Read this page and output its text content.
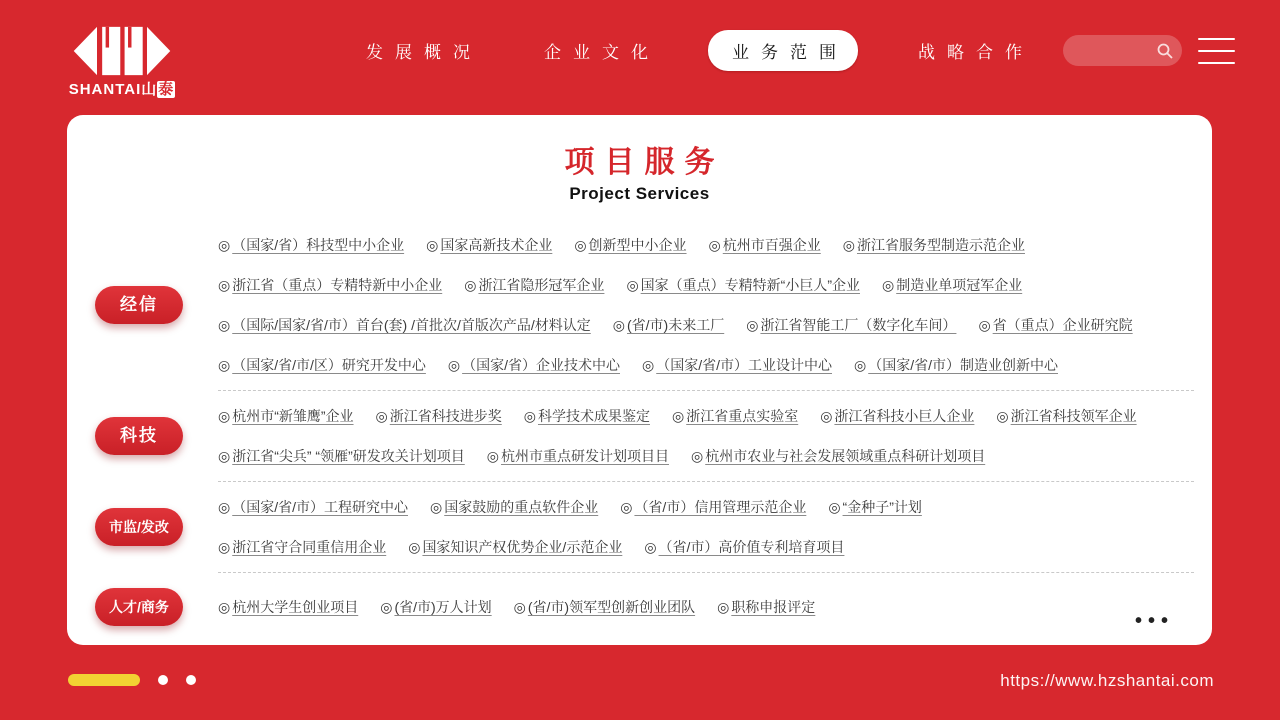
SHANTAI山泰
发展概况	企业文化	业务范围	战略合作
项目服务
Project Services
经信
◎ （国家/省）科技型中小企业 ◎ 国家高新技术企业 ◎ 创新型中小企业 ◎ 杭州市百强企业 ◎ 浙江省服务型制造示范企业
◎ 浙江省（重点）专精特新中小企业 ◎ 浙江省隐形冠军企业 ◎ 国家（重点）专精特新“小巨人”企业 ◎ 制造业单项冠军企业
◎ （国际/国家/省/市）首台(套) /首批次/首版次产品/材料认定 ◎ (省/市)未来工厂 ◎ 浙江省智能工厂（数字化车间） ◎ 省（重点）企业研究院
◎ （国家/省/市/区）研究开发中心 ◎ （国家/省）企业技术中心 ◎ （国家/省/市）工业设计中心 ◎ （国家/省/市）制造业创新中心
科技
◎ 杭州市“新雏鹰”企业 ◎ 浙江省科技进步奖 ◎ 科学技术成果鉴定 ◎ 浙江省重点实验室 ◎ 浙江省科技小巨人企业 ◎ 浙江省科技领军企业
◎ 浙江省“尖兵” “领雁”研发攻关计划项目 ◎ 杭州市重点研发计划项目目 ◎ 杭州市农业与社会发展领域重点科研计划项目
市监/发改
◎ （国家/省/市）工程研究中心 ◎ 国家鼓励的重点软件企业 ◎ （省/市）信用管理示范企业 ◎ “金种子”计划
◎ 浙江省守合同重信用企业 ◎ 国家知识产权优势企业/示范企业 ◎ （省/市）高价值专利培育项目
人才/商务	◎ 杭州大学生创业项目 ◎ (省/市)万人计划 ◎ (省/市)领军型创新创业团队 ◎ 职称申报评定
•••
https://www.hzshantai.com
